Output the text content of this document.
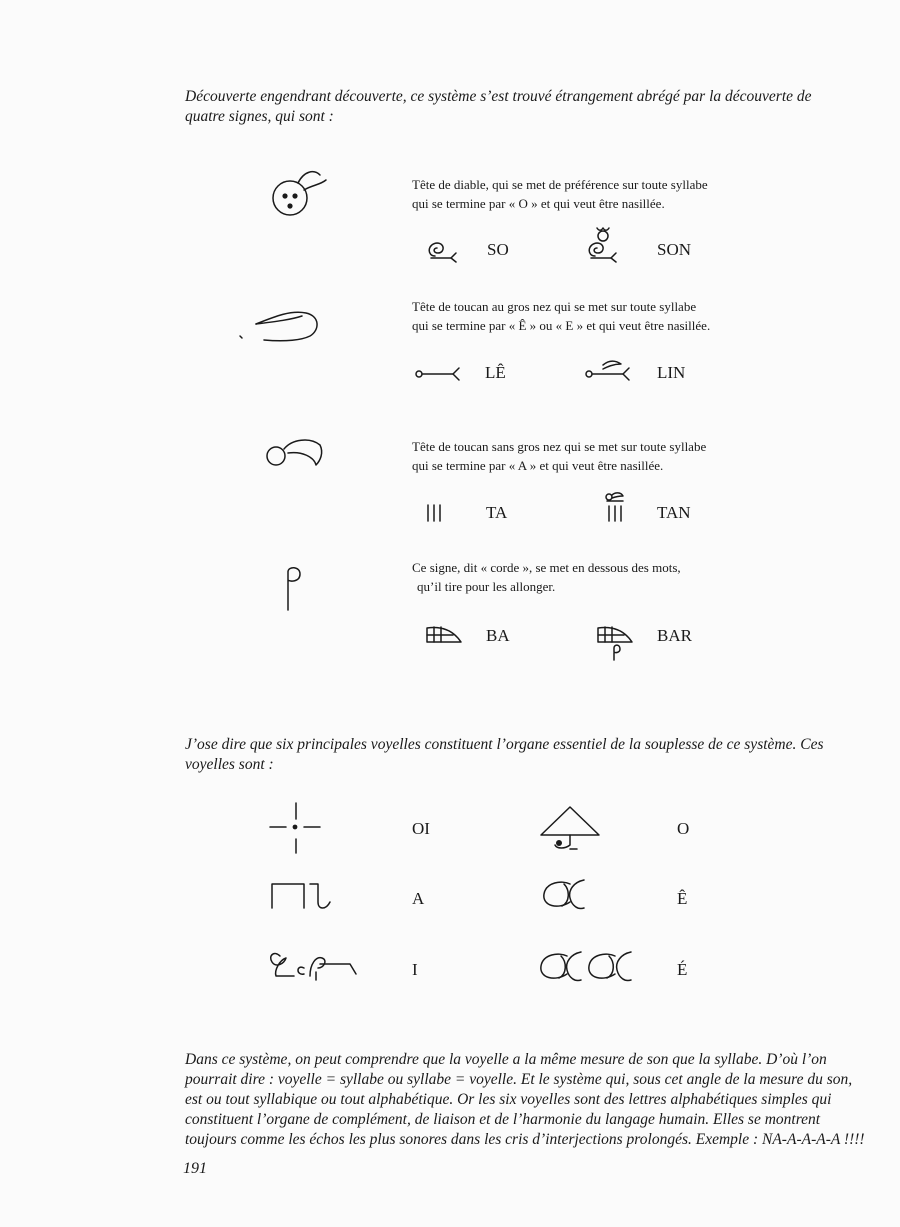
Découverte engendrant découverte, ce système s’est trouvé étrangement abrégé par la découverte de
quatre signes, qui sont :
Tête de diable, qui se met de préférence sur toute syllabe
qui se termine par « O » et qui veut être nasillée.
SO	SON
Tête de toucan au gros nez qui se met sur toute syllabe
qui se termine par « Ê » ou « E » et qui veut être nasillée.
LÊ	LIN
Tête de toucan sans gros nez qui se met sur toute syllabe
qui se termine par « A » et qui veut être nasillée.
TA	TAN
Ce signe, dit « corde », se met en dessous des mots,
qu’il tire pour les allonger.
BA	BAR
J’ose dire que six principales voyelles constituent l’organe essentiel de la souplesse de ce système. Ces
voyelles sont :
OI	O
A	Ê
I	É
Dans ce système, on peut comprendre que la voyelle a la même mesure de son que la syllabe. D’où l’on
pourrait dire : voyelle = syllabe ou syllabe = voyelle. Et le système qui, sous cet angle de la mesure du son,
est ou tout syllabique ou tout alphabétique. Or les six voyelles sont des lettres alphabétiques simples qui
constituent l’organe de complément, de liaison et de l’harmonie du langage humain. Elles se montrent
toujours comme les échos les plus sonores dans les cris d’interjections prolongés. Exemple : NA-A-A-A-A !!!!
191
